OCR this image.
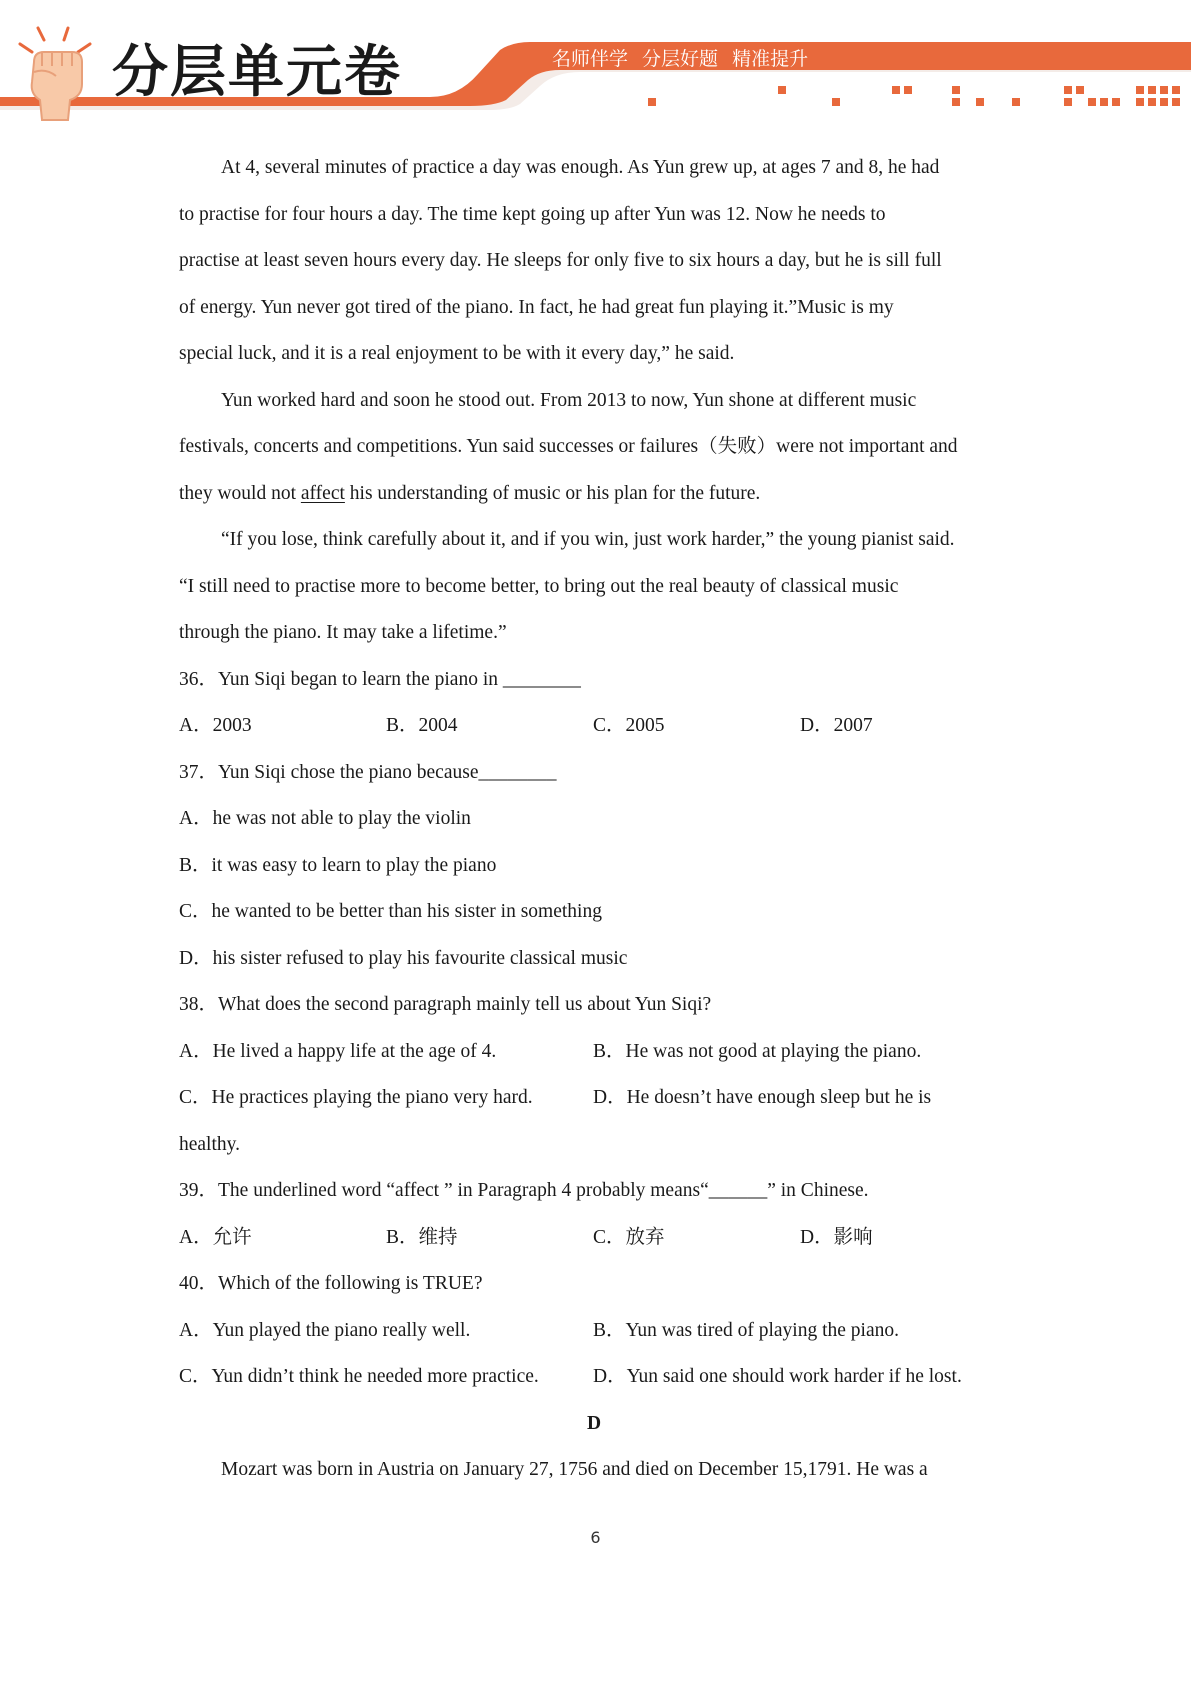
分层单元卷	名师伴学 分层好题 精准提升
At 4, several minutes of practice a day was enough. As Yun grew up, at ages 7 and 8, he had
to practise for four hours a day. The time kept going up after Yun was 12. Now he needs to
practise at least seven hours every day. He sleeps for only five to six hours a day, but he is sill full
of energy. Yun never got tired of the piano. In fact, he had great fun playing it.”Music is my
special luck, and it is a real enjoyment to be with it every day,” he said.
Yun worked hard and soon he stood out. From 2013 to now, Yun shone at different music
festivals, concerts and competitions. Yun said successes or failures（失败）were not important and
they would not affect his understanding of music or his plan for the future.
“If you lose, think carefully about it, and if you win, just work harder,” the young pianist said.
“I still need to practise more to become better, to bring out the real beauty of classical music
through the piano. It may take a lifetime.”
36．Yun Siqi began to learn the piano in ________
A．2003	B．2004	C．2005	D．2007
37．Yun Siqi chose the piano because________
A．he was not able to play the violin
B．it was easy to learn to play the piano
C．he wanted to be better than his sister in something
D．his sister refused to play his favourite classical music
38．What does the second paragraph mainly tell us about Yun Siqi?
A．He lived a happy life at the age of 4.	B．He was not good at playing the piano.
C．He practices playing the piano very hard.	D．He doesn’t have enough sleep but he is
healthy.
39．The underlined word “affect ” in Paragraph 4 probably means“______” in Chinese.
A．允许	B．维持	C．放弃	D．影响
40．Which of the following is TRUE?
A．Yun played the piano really well.	B．Yun was tired of playing the piano.
C．Yun didn’t think he needed more practice.	D．Yun said one should work harder if he lost.
D
Mozart was born in Austria on January 27, 1756 and died on December 15,1791. He was a
6
